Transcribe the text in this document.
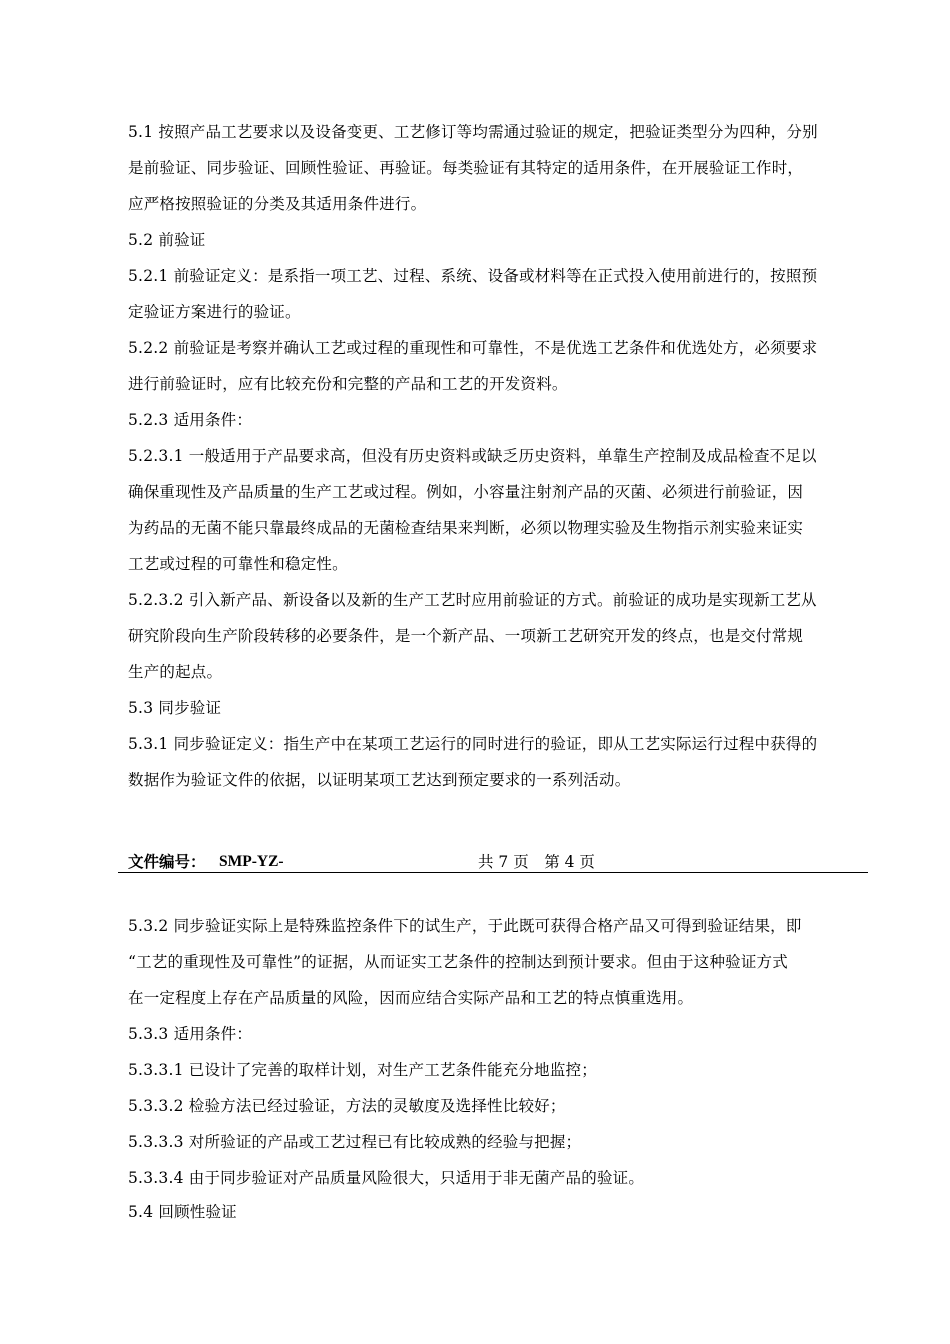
5.1 按照产品工艺要求以及设备变更、工艺修订等均需通过验证的规定，把验证类型分为四种，分别
是前验证、同步验证、回顾性验证、再验证。每类验证有其特定的适用条件，在开展验证工作时，
应严格按照验证的分类及其适用条件进行。
5.2 前验证
5.2.1 前验证定义：是系指一项工艺、过程、系统、设备或材料等在正式投入使用前进行的，按照预
定验证方案进行的验证。
5.2.2 前验证是考察并确认工艺或过程的重现性和可靠性，不是优选工艺条件和优选处方，必须要求
进行前验证时，应有比较充份和完整的产品和工艺的开发资料。
5.2.3 适用条件：
5.2.3.1 一般适用于产品要求高，但没有历史资料或缺乏历史资料，单靠生产控制及成品检查不足以
确保重现性及产品质量的生产工艺或过程。例如，小容量注射剂产品的灭菌、必须进行前验证，因
为药品的无菌不能只靠最终成品的无菌检查结果来判断，必须以物理实验及生物指示剂实验来证实
工艺或过程的可靠性和稳定性。
5.2.3.2 引入新产品、新设备以及新的生产工艺时应用前验证的方式。前验证的成功是实现新工艺从
研究阶段向生产阶段转移的必要条件，是一个新产品、一项新工艺研究开发的终点，也是交付常规
生产的起点。
5.3 同步验证
5.3.1 同步验证定义：指生产中在某项工艺运行的同时进行的验证，即从工艺实际运行过程中获得的
数据作为验证文件的依据，以证明某项工艺达到预定要求的一系列活动。
文件编号： SMP-YZ-	共 7 页　第 4 页
5.3.2 同步验证实际上是特殊监控条件下的试生产，于此既可获得合格产品又可得到验证结果，即
“工艺的重现性及可靠性”的证据，从而证实工艺条件的控制达到预计要求。但由于这种验证方式
在一定程度上存在产品质量的风险，因而应结合实际产品和工艺的特点慎重选用。
5.3.3 适用条件：
5.3.3.1 已设计了完善的取样计划，对生产工艺条件能充分地监控；
5.3.3.2 检验方法已经过验证，方法的灵敏度及选择性比较好；
5.3.3.3 对所验证的产品或工艺过程已有比较成熟的经验与把握；
5.3.3.4 由于同步验证对产品质量风险很大，只适用于非无菌产品的验证。
5.4 回顾性验证
